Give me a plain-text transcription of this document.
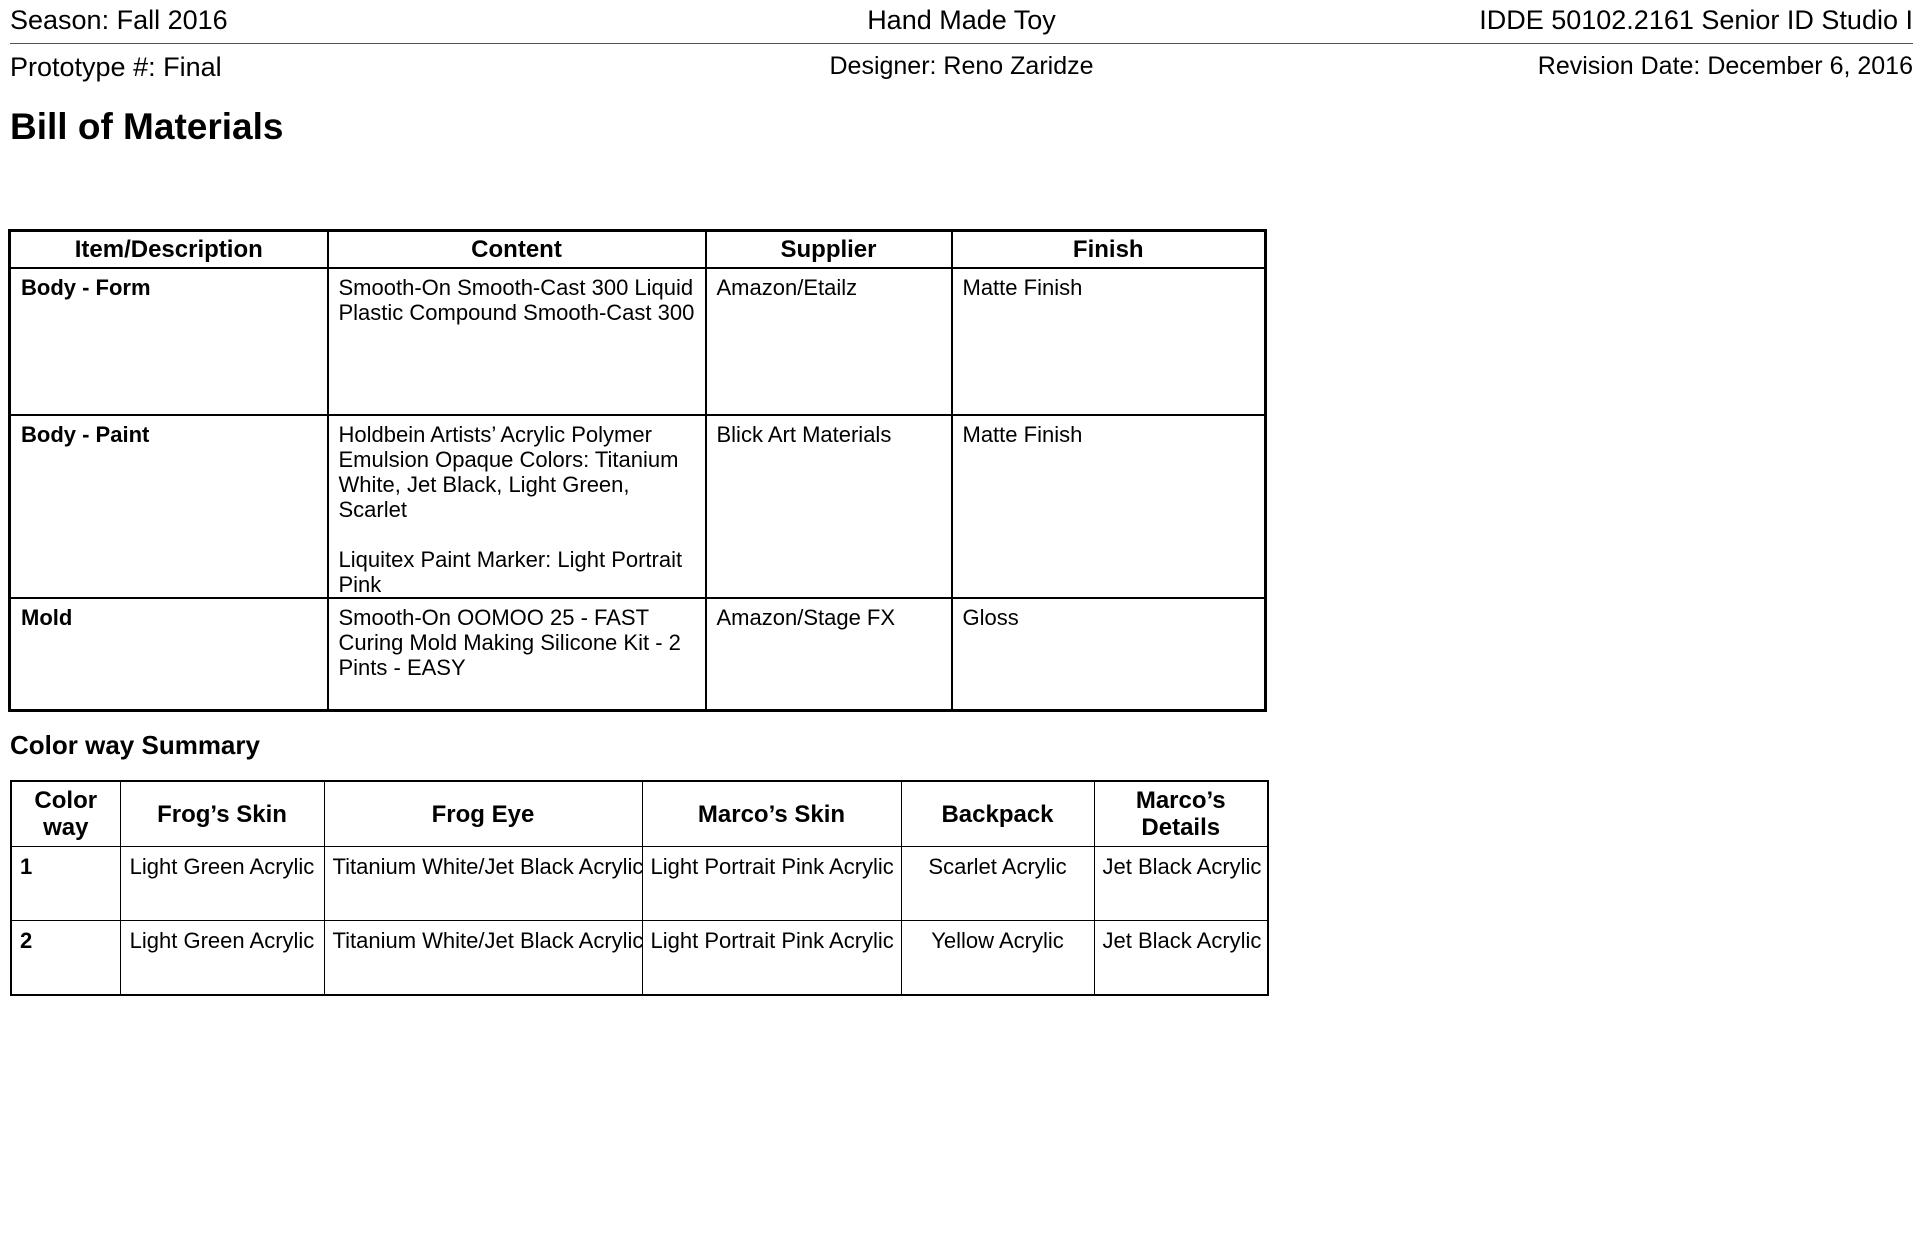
Season: Fall 2016	Hand Made Toy	IDDE 50102.2161 Senior ID Studio I
Prototype #: Final	Designer: Reno Zaridze	Revision Date: December 6, 2016
Bill of Materials
Item/Description	Content	Supplier	Finish
Body - Form	Smooth-On Smooth-Cast 300 Liquid
Plastic Compound Smooth-Cast 300	Amazon/Etailz	Matte Finish
Body - Paint	Holdbein Artists’ Acrylic Polymer
Emulsion Opaque Colors: Titanium
White, Jet Black, Light Green, Scarlet
Liquitex Paint Marker: Light Portrait
Pink	Blick Art Materials	Matte Finish
Mold	Smooth-On OOMOO 25 - FAST
Curing Mold Making Silicone Kit - 2
Pints - EASY	Amazon/Stage FX	Gloss
Color way Summary
Color
way	Frog’s Skin	Frog Eye	Marco’s Skin	Backpack	Marco’s
Details
1	Light Green Acrylic	Titanium White/Jet Black Acrylic	Light Portrait Pink Acrylic	Scarlet Acrylic	Jet Black Acrylic
2	Light Green Acrylic	Titanium White/Jet Black Acrylic	Light Portrait Pink Acrylic	Yellow Acrylic	Jet Black Acrylic
